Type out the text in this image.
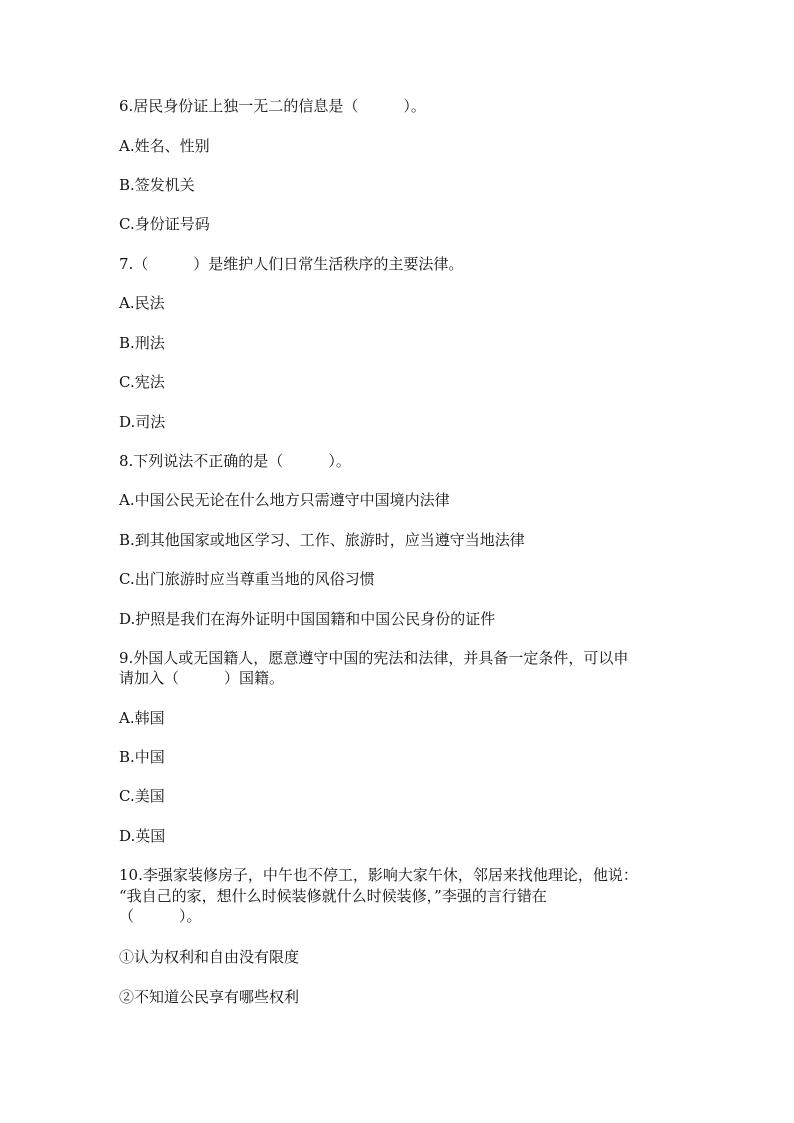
6.居民身份证上独一无二的信息是（　　　）。
A.姓名、性别
B.签发机关
C.身份证号码
7.（　　　）是维护人们日常生活秩序的主要法律。
A.民法
B.刑法
C.宪法
D.司法
8.下列说法不正确的是（　　　）。
A.中国公民无论在什么地方只需遵守中国境内法律
B.到其他国家或地区学习、工作、旅游时，应当遵守当地法律
C.出门旅游时应当尊重当地的风俗习惯
D.护照是我们在海外证明中国国籍和中国公民身份的证件
9.外国人或无国籍人，愿意遵守中国的宪法和法律，并具备一定条件，可以申
请加入（　　　）国籍。
A.韩国
B.中国
C.美国
D.英国
10.李强家装修房子，中午也不停工，影响大家午休，邻居来找他理论，他说：
“我自己的家，想什么时候装修就什么时候装修，”李强的言行错在
（　　　）。
①认为权利和自由没有限度
②不知道公民享有哪些权利
